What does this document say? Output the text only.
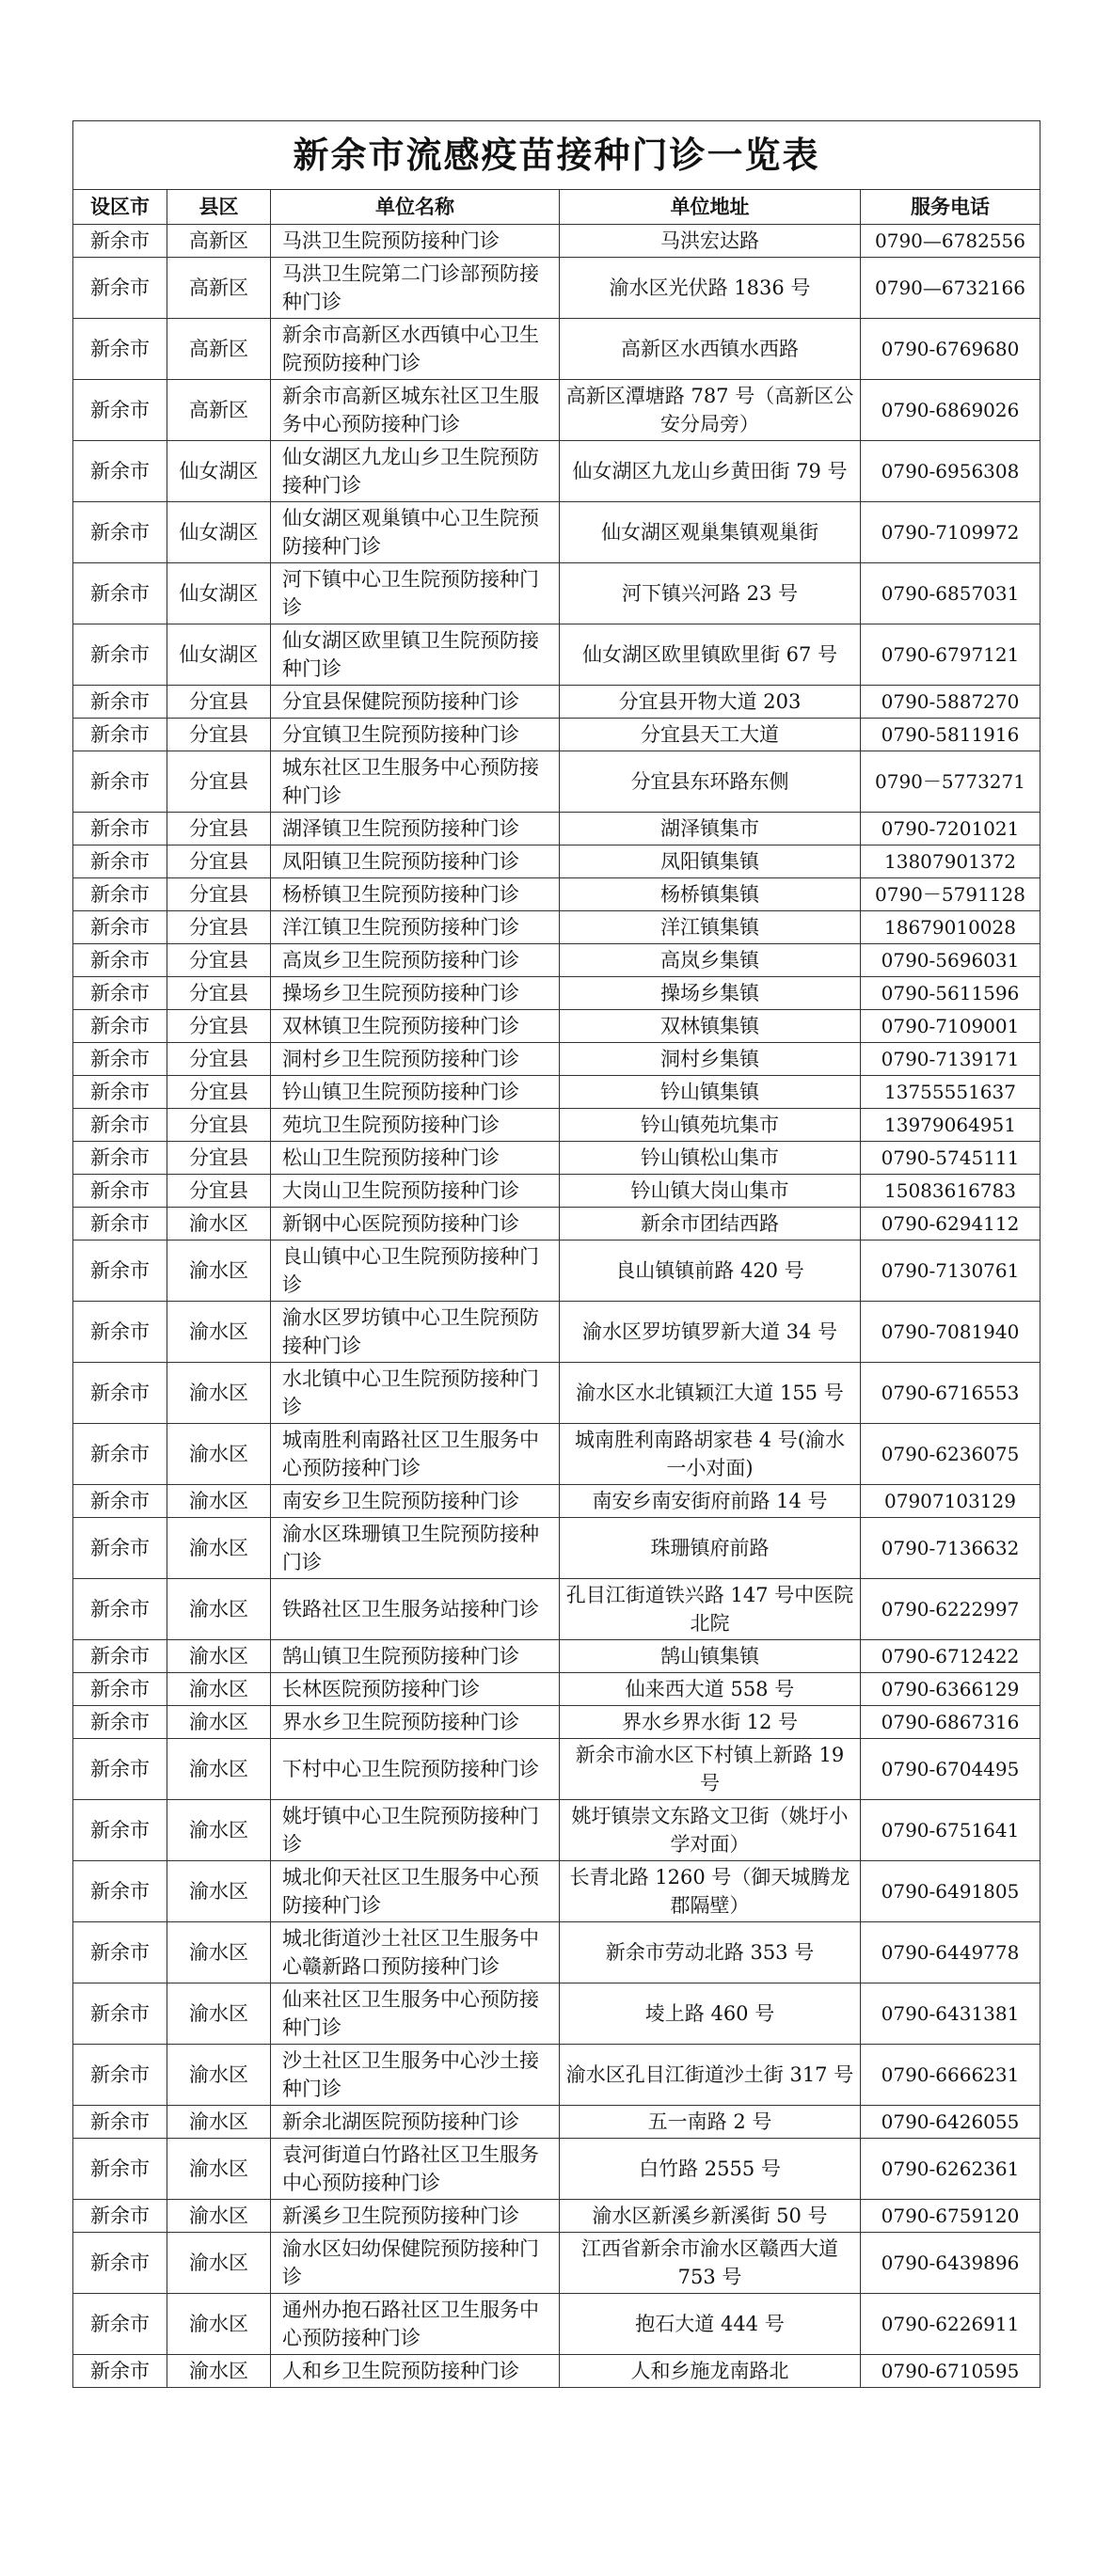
新余市流感疫苗接种门诊一览表				
设区市	县区	单位名称	单位地址	服务电话
新余市	高新区	马洪卫生院预防接种门诊	马洪宏达路	0790—6782556
新余市	高新区	马洪卫生院第二门诊部预防接种门诊	渝水区光伏路 1836 号	0790—6732166
新余市	高新区	新余市高新区水西镇中心卫生院预防接种门诊	高新区水西镇水西路	0790-6769680
新余市	高新区	新余市高新区城东社区卫生服务中心预防接种门诊	高新区潭塘路 787 号（高新区公安分局旁）	0790-6869026
新余市	仙女湖区	仙女湖区九龙山乡卫生院预防接种门诊	仙女湖区九龙山乡黄田街 79 号	0790-6956308
新余市	仙女湖区	仙女湖区观巢镇中心卫生院预防接种门诊	仙女湖区观巢集镇观巢街	0790-7109972
新余市	仙女湖区	河下镇中心卫生院预防接种门诊	河下镇兴河路 23 号	0790-6857031
新余市	仙女湖区	仙女湖区欧里镇卫生院预防接种门诊	仙女湖区欧里镇欧里街 67 号	0790-6797121
新余市	分宜县	分宜县保健院预防接种门诊	分宜县开物大道 203	0790-5887270
新余市	分宜县	分宜镇卫生院预防接种门诊	分宜县天工大道	0790-5811916
新余市	分宜县	城东社区卫生服务中心预防接种门诊	分宜县东环路东侧	0790－5773271
新余市	分宜县	湖泽镇卫生院预防接种门诊	湖泽镇集市	0790-7201021
新余市	分宜县	凤阳镇卫生院预防接种门诊	凤阳镇集镇	13807901372
新余市	分宜县	杨桥镇卫生院预防接种门诊	杨桥镇集镇	0790－5791128
新余市	分宜县	洋江镇卫生院预防接种门诊	洋江镇集镇	18679010028
新余市	分宜县	高岚乡卫生院预防接种门诊	高岚乡集镇	0790-5696031
新余市	分宜县	操场乡卫生院预防接种门诊	操场乡集镇	0790-5611596
新余市	分宜县	双林镇卫生院预防接种门诊	双林镇集镇	0790-7109001
新余市	分宜县	洞村乡卫生院预防接种门诊	洞村乡集镇	0790-7139171
新余市	分宜县	钤山镇卫生院预防接种门诊	钤山镇集镇	13755551637
新余市	分宜县	苑坑卫生院预防接种门诊	钤山镇苑坑集市	13979064951
新余市	分宜县	松山卫生院预防接种门诊	钤山镇松山集市	0790-5745111
新余市	分宜县	大岗山卫生院预防接种门诊	钤山镇大岗山集市	15083616783
新余市	渝水区	新钢中心医院预防接种门诊	新余市团结西路	0790-6294112
新余市	渝水区	良山镇中心卫生院预防接种门诊	良山镇镇前路 420 号	0790-7130761
新余市	渝水区	渝水区罗坊镇中心卫生院预防接种门诊	渝水区罗坊镇罗新大道 34 号	0790-7081940
新余市	渝水区	水北镇中心卫生院预防接种门诊	渝水区水北镇颖江大道 155 号	0790-6716553
新余市	渝水区	城南胜利南路社区卫生服务中心预防接种门诊	城南胜利南路胡家巷 4 号(渝水一小对面)	0790-6236075
新余市	渝水区	南安乡卫生院预防接种门诊	南安乡南安街府前路 14 号	07907103129
新余市	渝水区	渝水区珠珊镇卫生院预防接种门诊	珠珊镇府前路	0790-7136632
新余市	渝水区	铁路社区卫生服务站接种门诊	孔目江街道铁兴路 147 号中医院北院	0790-6222997
新余市	渝水区	鹄山镇卫生院预防接种门诊	鹄山镇集镇	0790-6712422
新余市	渝水区	长林医院预防接种门诊	仙来西大道 558 号	0790-6366129
新余市	渝水区	界水乡卫生院预防接种门诊	界水乡界水街 12 号	0790-6867316
新余市	渝水区	下村中心卫生院预防接种门诊	新余市渝水区下村镇上新路 19 号	0790-6704495
新余市	渝水区	姚圩镇中心卫生院预防接种门诊	姚圩镇崇文东路文卫街（姚圩小学对面）	0790-6751641
新余市	渝水区	城北仰天社区卫生服务中心预防接种门诊	长青北路 1260 号（御天城腾龙郡隔壁）	0790-6491805
新余市	渝水区	城北街道沙土社区卫生服务中心赣新路口预防接种门诊	新余市劳动北路 353 号	0790-6449778
新余市	渝水区	仙来社区卫生服务中心预防接种门诊	堎上路 460 号	0790-6431381
新余市	渝水区	沙土社区卫生服务中心沙土接种门诊	渝水区孔目江街道沙土街 317 号	0790-6666231
新余市	渝水区	新余北湖医院预防接种门诊	五一南路 2 号	0790-6426055
新余市	渝水区	袁河街道白竹路社区卫生服务中心预防接种门诊	白竹路 2555 号	0790-6262361
新余市	渝水区	新溪乡卫生院预防接种门诊	渝水区新溪乡新溪街 50 号	0790-6759120
新余市	渝水区	渝水区妇幼保健院预防接种门诊	江西省新余市渝水区赣西大道 753 号	0790-6439896
新余市	渝水区	通州办抱石路社区卫生服务中心预防接种门诊	抱石大道 444 号	0790-6226911
新余市	渝水区	人和乡卫生院预防接种门诊	人和乡施龙南路北	0790-6710595
